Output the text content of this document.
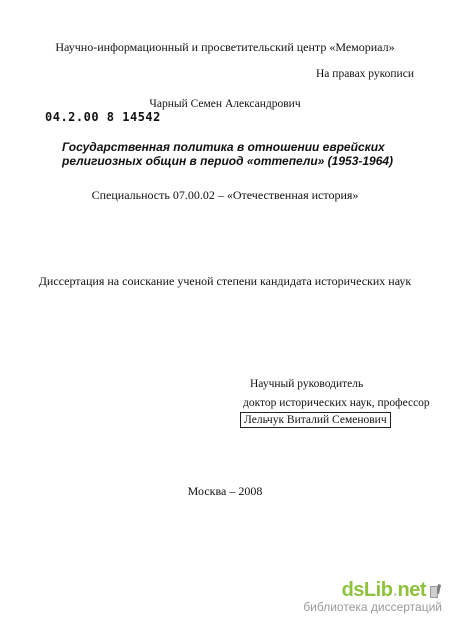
Научно-информационный и просветительский центр «Мемориал»
На правах рукописи
Чарный Семен Александрович
04.2.00 8 14542
Государственная политика в отношении еврейских
религиозных общин в период «оттепели» (1953-1964)
Специальность 07.00.02 – «Отечественная история»
Диссертация на соискание ученой степени кандидата исторических наук
Научный руководитель
доктор исторических наук, профессор
Лельчук Виталий Семенович
Москва – 2008
dsLib.net
библиотека диссертаций
